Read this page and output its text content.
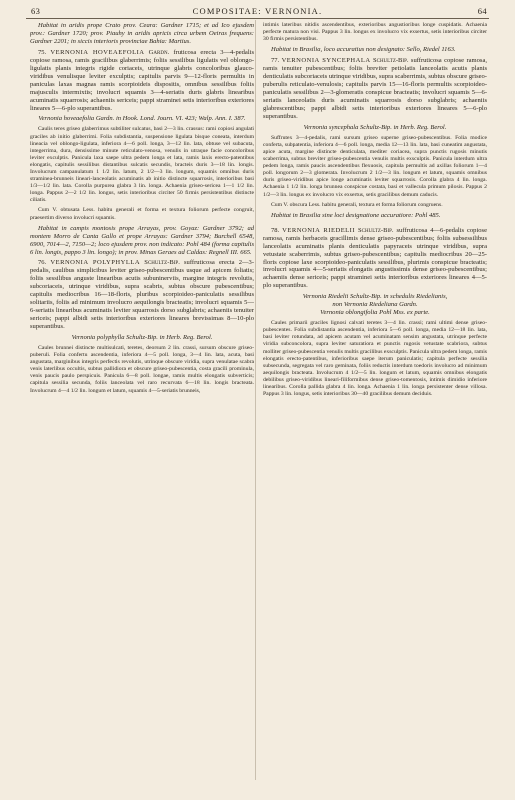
63	COMPOSITAE: VERNONIA.	64

Habitat in aridis prope Crato prov. Ceara: Gardner 1715; et ad Ico ejusdem prov.: Gardner 1720; prov. Piauhy in aridis apricis circa urbem Oeiras frequens: Gardner 2201; in siccis interioris provinciae Bahia: Martius.

75. VERNONIA HOVEAEFOLIA Gardn. fruticosa erecta 3—4-pedalis copiose ramosa, ramis gracilibus glaberrimis; foliis sessilibus ligulatis vel oblongo-ligulatis planis integris rigide coriaceis, utrinque glabris concoloribus glauco-viridibus venulisque leviter exculptis; capitulis parvis 9—12-floris permultis in paniculas laxas magnas ramis scorpioideis dispositis, omnibus sessilibus foliis majusculis intermixtis; involucri squamis 3—4-seriatis duris glabris linearibus acuminatis squarrosis; achaeniis sericeis; pappi straminei setis interioribus exteriores lineares 5—6-plo superantibus.

Vernonia hoveaefolia Gardn. in Hook. Lond. Journ. VI. 423; Walp. Ann. I. 387.

Caulis teres griseo glaberrimus subtiliter sulcatus, basi 2—3 lin. crassus: rami copiosi angulati graciles ab initio glaberrimi. Folia subdistantia, suspensione ligulata bisque coneata, interdum lineacia vel oblongo-ligulata, inferiora 4—6 poll. longa, 3—12 lin. lata, obtuse vel subacuta, integerrima, dura, densissime minute reticulato-venosa, venulis in utraque facie concoloribus leviter exculptis. Panicula laxa saepe ultra pedem longa et lata, ramis laxis erecto-patentibus elongatis, capitulis sessilibus distantibus sulcatis secundis, bracteis duris 3—18 lin. longis. Involucrum campanulatum 1 1/2 lin. latum, 2 1/2—3 lin. longum, squamis omnibus duris straminea-brunneis lineari-lanceolatis acuminatis ab initio distincte squarrosis, interioribus basi 1/3—1/2 lin. lata. Corolla purpurea glabra 3 lin. longa. Achaenia griseo-sericea 1—1 1/2 lin. longa. Pappus 2—2 1/2 lin. longus, setis interioribus circiter 50 firmis persistentibus distincte ciliatis.

Cum V. obtusata Less. habitu generali et forma et textura foliorum perfecte congruit, praesertim diverso involucri squamis.

Habitat in campis montosis prope Arrayas, prov. Goyaz: Gardner 3792; ad montem Morro de Canta Gallo et prope Arrayas: Gardner 3794; Burchell 6548, 6900, 7014—2, 7150—2; loco ejusdem prov. non indicato: Pohl 484 (forma capitulis 6 lin. longis, pappo 3 lin. longo); in prov. Minas Geraes ad Caldas: Regnell III. 665.

76. VERNONIA POLYPHYLLA Schultz-Bip. suffruticosa erecta 2—3-pedalis, caulibus simplicibus leviter griseo-pubescentibus usque ad apicem foliatis; foliis sessilibus anguste linearibus acutis subuninerviis, margine integris revolutis, subcoriaceis, utrinque viridibus, supra scabris, subtus obscure pubescentibus; capitulis mediocribus 16—18-floris, pluribus scorpioideo-paniculatis sessilibus solitariis, foliis ad minimum involucro aequilongis bracteatis; involucri squamis 5—6-seriatis linearibus acuminatis leviter squarrosis dorso subglabris; achaeniis tenuiter sericeis; pappi albidi setis interioribus exteriores lineares brevissimas 8—10-plo superantibus.

Vernonia polyphylla Schultz-Bip. in Herb. Reg. Berol.

Caules brunnei distincte multisulcati, teretes, deorsum 2 lin. crassi, sursum obscure griseo-puberuli. Folia confertu ascendentia, inferiora 4—5 poll. longa, 3—4 lin. lata, acuta, basi angustata, marginibus integris perfectis revolutis, utrinque obscure viridia, supra venulatae scabra venis laterlibus occultis, subtus pallidiora et obscure griseo-pubescentia, costa gracili prominula, venis paucis paulo perspicuis. Panicula 6—8 poll. longae, ramis multis elongatis subverticis; capitula sessilia secunda, foliis lanceolata vel raro recurvata 6—18 lin. longis bracteata. Involucrum 4—4 1/2 lin. longum et latum, squamis 4—5-seriatis brunneis,

intimis lateribus nitidis ascendentibus, exterioribus angustioribus longe cuspidatis. Achaenia perfecte matura non visi. Pappus 3 lin. longus ex involucro vix exsertus, setis interioribus circiter 30 firmis persistentibus.

Habitat in Brasilia, loco accuratius non designato: Sello, Riedel 1163.

77. VERNONIA SYNCEPHALA Schultz-Bip. suffruticosa copiose ramosa, ramis tenuiter pubescentibus; foliis breviter petiolatis lanceolatis acutis planis denticulatis subcoriaceis utrinque viridibus, supra scaberrimis, subtus obscure griseo-puberulis reticulato-venulosis; capitulis parvis 15—16-floris permultis scorpioideo-paniculatis sessilibus 2—3-glomeratis conspicue bracteatis; involucri squamis 5—6-seriatis lanceolatis duris acuminatis squarrosis dorso subglabris; achaeniis glabrescentibus; pappi albidi setis interioribus exteriores lineares 5—6-plo superantibus.

Vernonia syncephala Schultz-Bip. in Herb. Reg. Berol.

Suffrutex 3—4-pedalis, rami sursum griseo superne griseo-pubescentibus. Folia modice conferta, subpatentia, inferiora 4—6 poll. longa, media 12—13 lin. lata, basi cuneatim angustata, apice acuta, margine distincte denticulata, mediter coriacea, supra punctis rugosis minutis scaberrima, subtus breviter griseo-pubescentia venulis multis exsculptis. Panicula interdum ultra pedem longa, ramis paucis ascendentibus flexuosis, capitula permultis ad axillas foliorum 1—4 poll. longorum 2—3 glomerata. Involucrum 2 1/2—3 lin. longum et latum, squamis omnibus duris griseo-viridibus apice longe acuminatis leviter squarrosis. Corolla glabra 4 lin. longa. Achaenia 1 1/2 lin. longa brunnea conspicue costata, basi et vallecula primum pilosis. Pappus 2 1/2—3 lin. longus ex involucro vix exsertus, setis gracilibus demum caducis.

Cum V. obscura Less. habitu generali, textura et forma foliorum congruens.

Habitat in Brasilia sine loci designatione accuratiore: Pohl 485.

78. VERNONIA RIEDELII Schultz-Bip. suffruticosa 4—6-pedalis copiose ramosa, ramis herbaceis gracillimis dense griseo-pubescentibus; foliis subsessilibus lanceolatis acuminatis planis denticulatis papyraceis utrinque viridibus, supra vetustate scaberrimis, subtus griseo-pubescentibus; capitulis mediocribus 20—25-floris copiose laxe scorpioideo-paniculatis sessilibus, plurimis conspicue bracteatis; involucri squamis 4—5-seriatis elongatis angustissimis dense griseo-pubescentibus; achaeniis dense sericeis; pappi straminei setis interioribus exteriores lineares 4—5-plo superantibus.

Vernonia Riedelii Schultz-Bip. in schedulis Riedelianis,

non Vernonia Riedeliana Gardn.

Vernonia oblongifolia Pohl Mss. ex parte.

Caules primarii graciles lignosi calvati teretes 3—4 lin. crassi; rami ultimi dense griseo-pubescentes. Folia subdistantia ascendentia, inferiora 5—6 poll. longa, media 12—18 lin. lata, basi leviter rotundata, ad apicem acutam vel acuminatam sensim angustata, utrinque perfecte viridia subconcolora, supra leviter saturatiora et punctis rugosis vetustate scabriora, subtus molliter griseo-pubescentia venulis multis gracilibus exsculptis. Panicula ultra pedem longa, ramis elongatis erecto-patentibus, inferioribus saepe iterum paniculatis; capitula perfecte sessilia subsecunda, segregata vel raro geminata, foliis reductis interdum toedoris involucro ad minimum aequilongis bracteata. Involucrum 4 1/2—5 lin. longum et latum, squamis omnibus elongatis debilibus griseo-viridibus lineari-filiformibus dense griseo-tomentosis, intimis dimidio inferiore linearibus. Corolla pallida glabra 4 lin. longa. Achaenia 1 lin. longa persistenter dense villosa. Pappus 3 lin. longus, setis interioribus 30—40 gracilibus demum deciduis.
